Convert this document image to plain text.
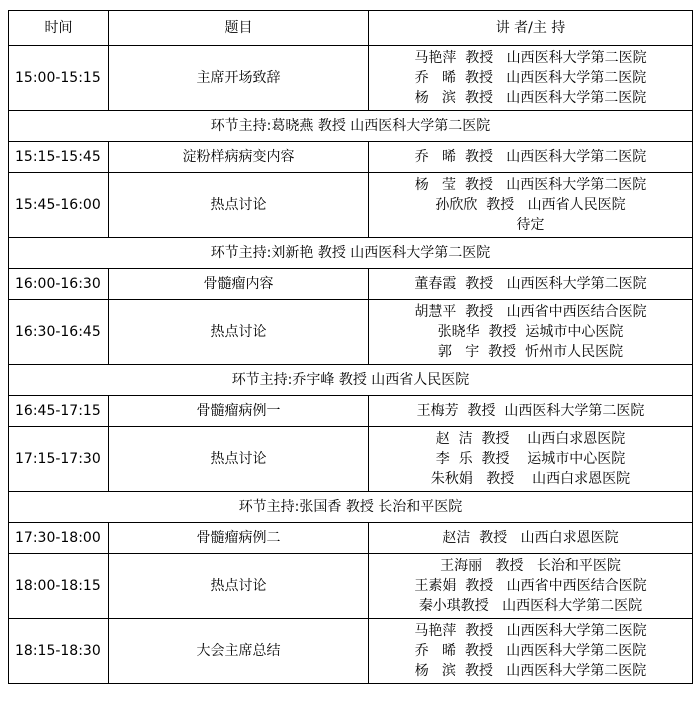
时间	题目	讲 者/主 持
15:00-15:15	主席开场致辞	马艳萍  教授   山西医科大学第二医院
乔   晞  教授   山西医科大学第二医院
杨   滨  教授   山西医科大学第二医院

环节主持:葛晓燕 教授 山西医科大学第二医院		
15:15-15:45	淀粉样病病变内容	乔   晞  教授   山西医科大学第二医院

15:45-16:00	热点讨论	杨   莹  教授   山西医科大学第二医院
孙欣欣  教授   山西省人民医院
待定

环节主持:刘新艳 教授 山西医科大学第二医院		
16:00-16:30	骨髓瘤内容	董春霞  教授   山西医科大学第二医院

16:30-16:45	热点讨论	胡慧平  教授   山西省中西医结合医院
张晓华  教授  运城市中心医院
郭   宇  教授  忻州市人民医院

环节主持:乔宇峰 教授 山西省人民医院		
16:45-17:15	骨髓瘤病例一	王梅芳  教授  山西医科大学第二医院

17:15-17:30	热点讨论	赵  洁  教授    山西白求恩医院
李  乐  教授    运城市中心医院
朱秋娟   教授    山西白求恩医院

环节主持:张国香 教授 长治和平医院		
17:30-18:00	骨髓瘤病例二	赵洁  教授   山西白求恩医院

18:00-18:15	热点讨论	王海丽   教授   长治和平医院
王素娟  教授   山西省中西医结合医院
秦小琪教授   山西医科大学第二医院

18:15-18:30	大会主席总结	马艳萍  教授   山西医科大学第二医院
乔   晞  教授   山西医科大学第二医院
杨   滨  教授   山西医科大学第二医院
